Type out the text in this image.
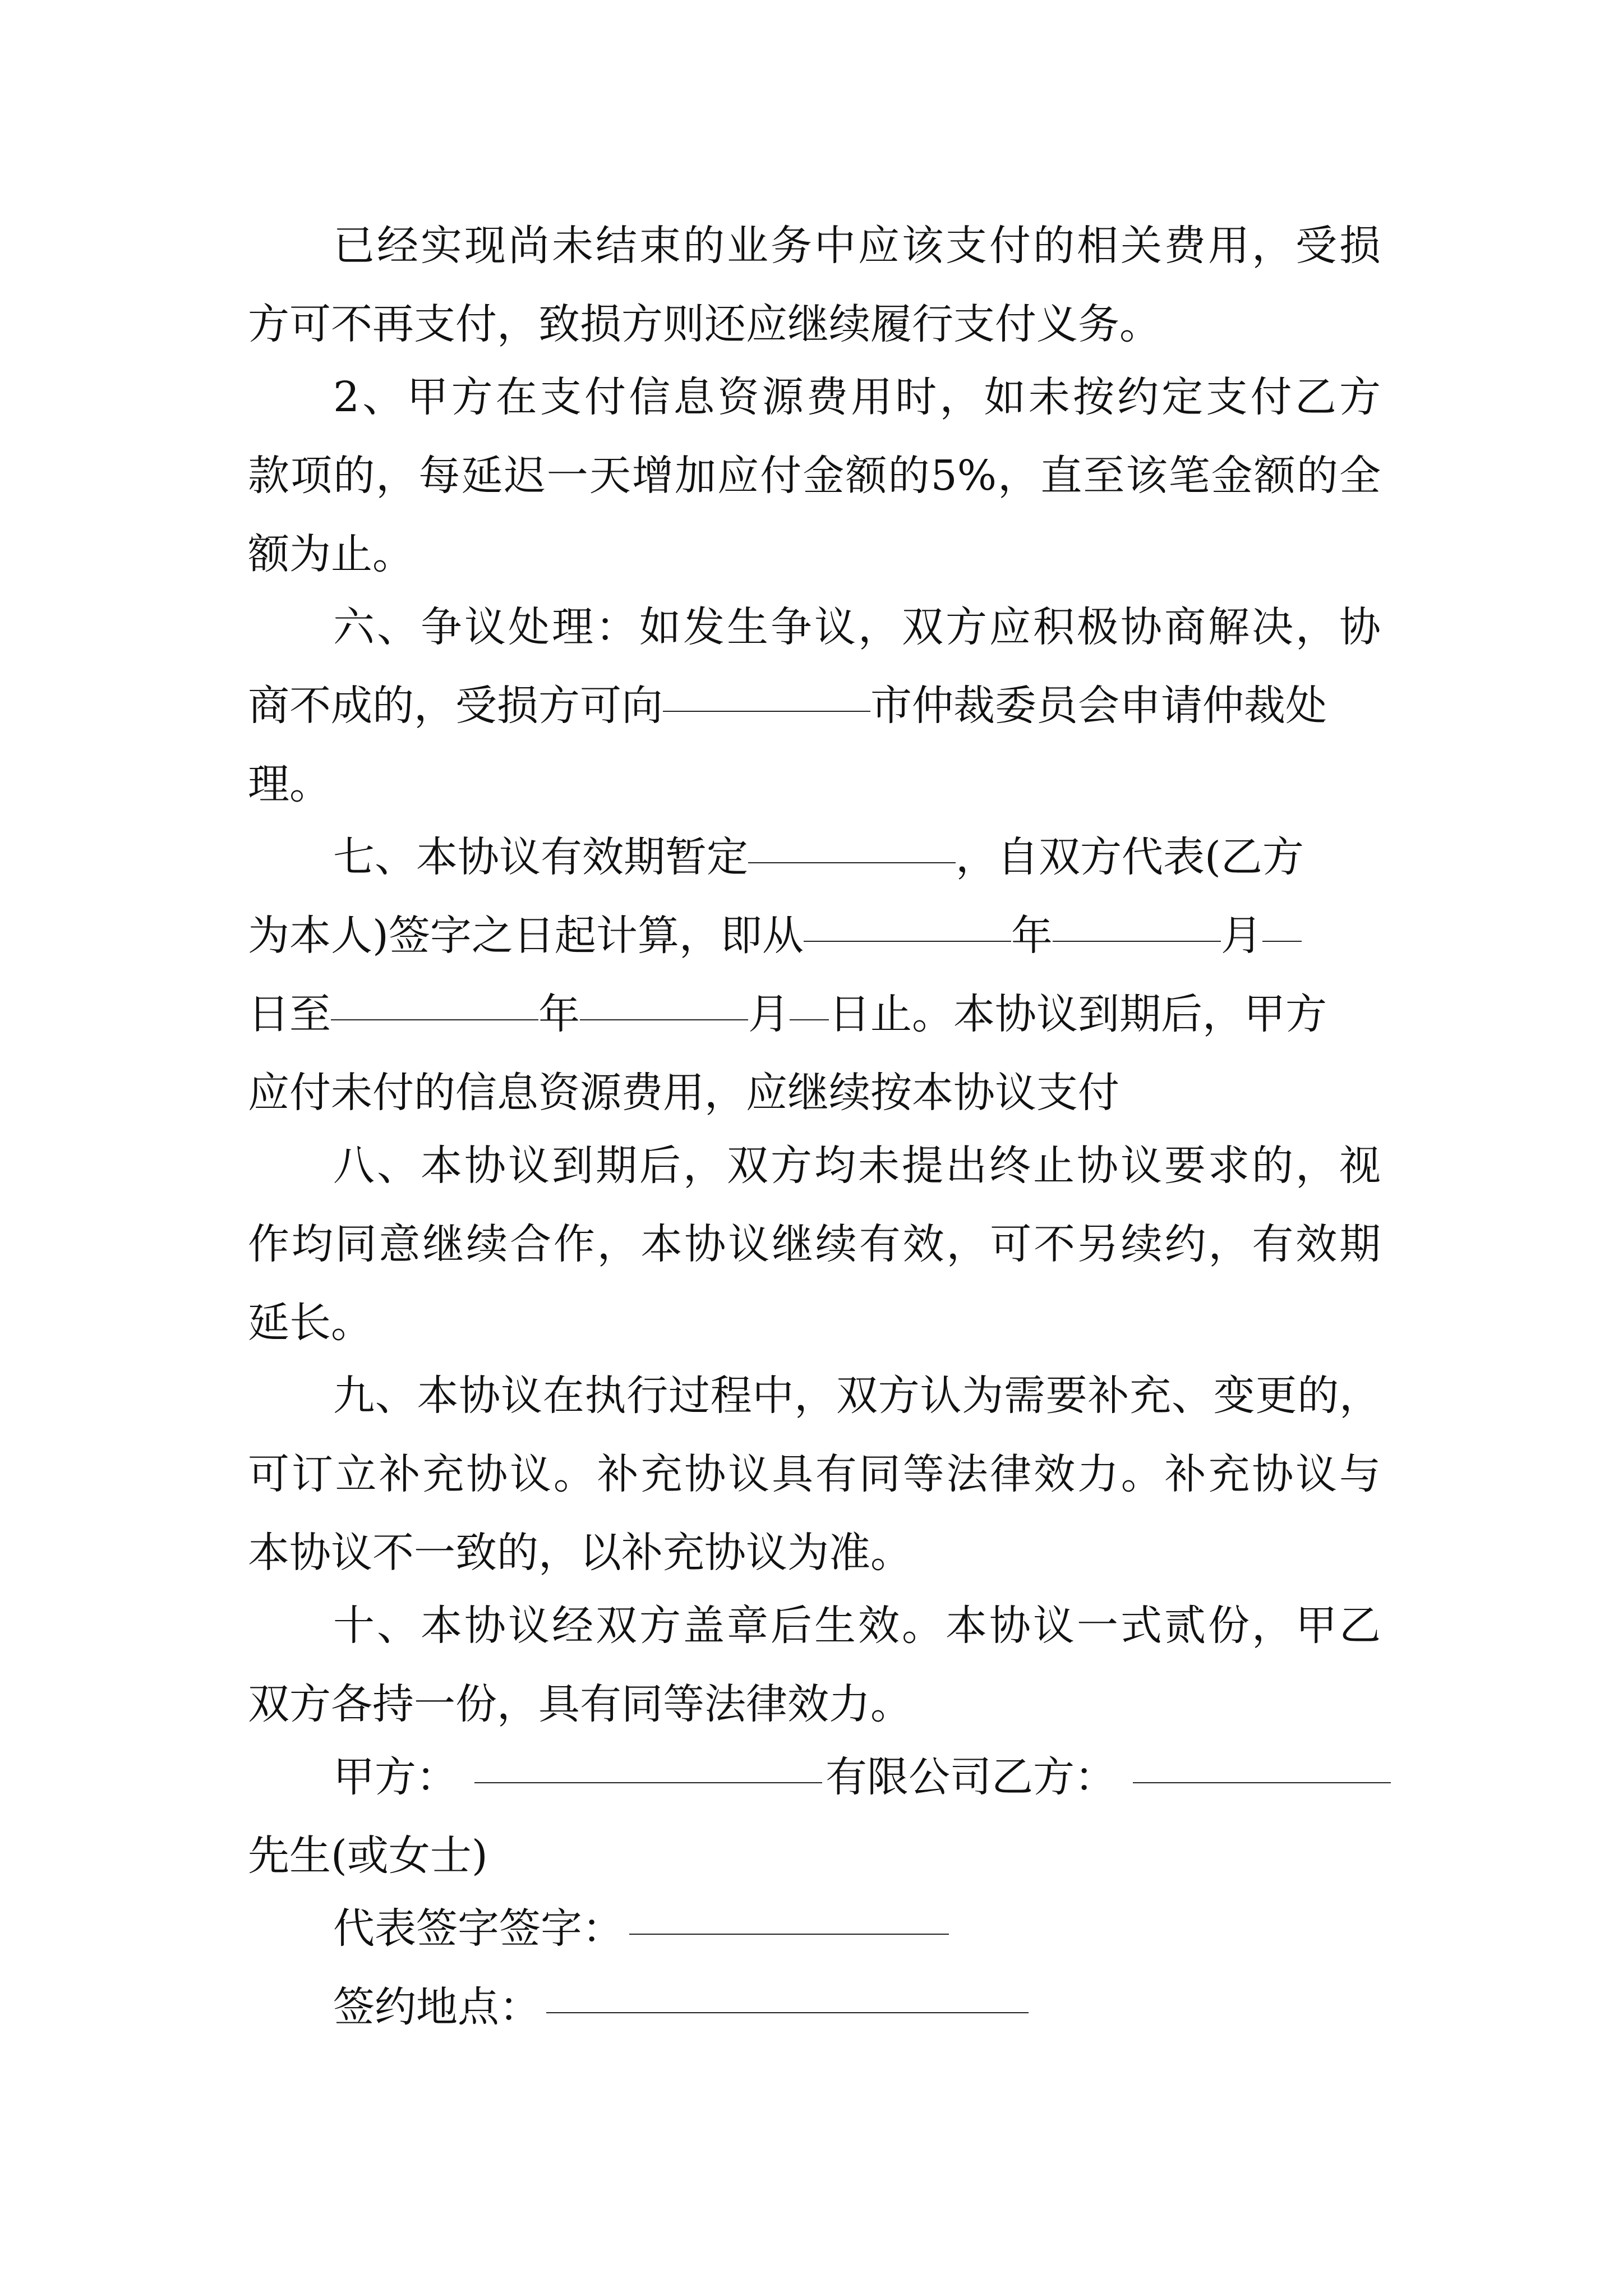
已经实现尚未结束的业务中应该支付的相关费用，受损
方可不再支付，致损方则还应继续履行支付义务。
2、甲方在支付信息资源费用时，如未按约定支付乙方
款项的，每延迟一天增加应付金额的5%，直至该笔金额的全
额为止。
六、争议处理：如发生争议，双方应积极协商解决，协
商不成的，受损方可向	市仲裁委员会申请仲裁处
理。
七、本协议有效期暂定	，自双方代表(乙方
为本人)签字之日起计算，即从	年	月
日至	年	月 日止。本协议到期后，甲方
应付未付的信息资源费用，应继续按本协议支付
八、本协议到期后，双方均未提出终止协议要求的，视
作均同意继续合作，本协议继续有效，可不另续约，有效期
延长。
九、本协议在执行过程中，双方认为需要补充、变更的，
可订立补充协议。补充协议具有同等法律效力。补充协议与
本协议不一致的，以补充协议为准。
十、本协议经双方盖章后生效。本协议一式贰份，甲乙
双方各持一份，具有同等法律效力。
甲方：	有限公司乙方：
先生(或女士)
代表签字签字：
签约地点：
